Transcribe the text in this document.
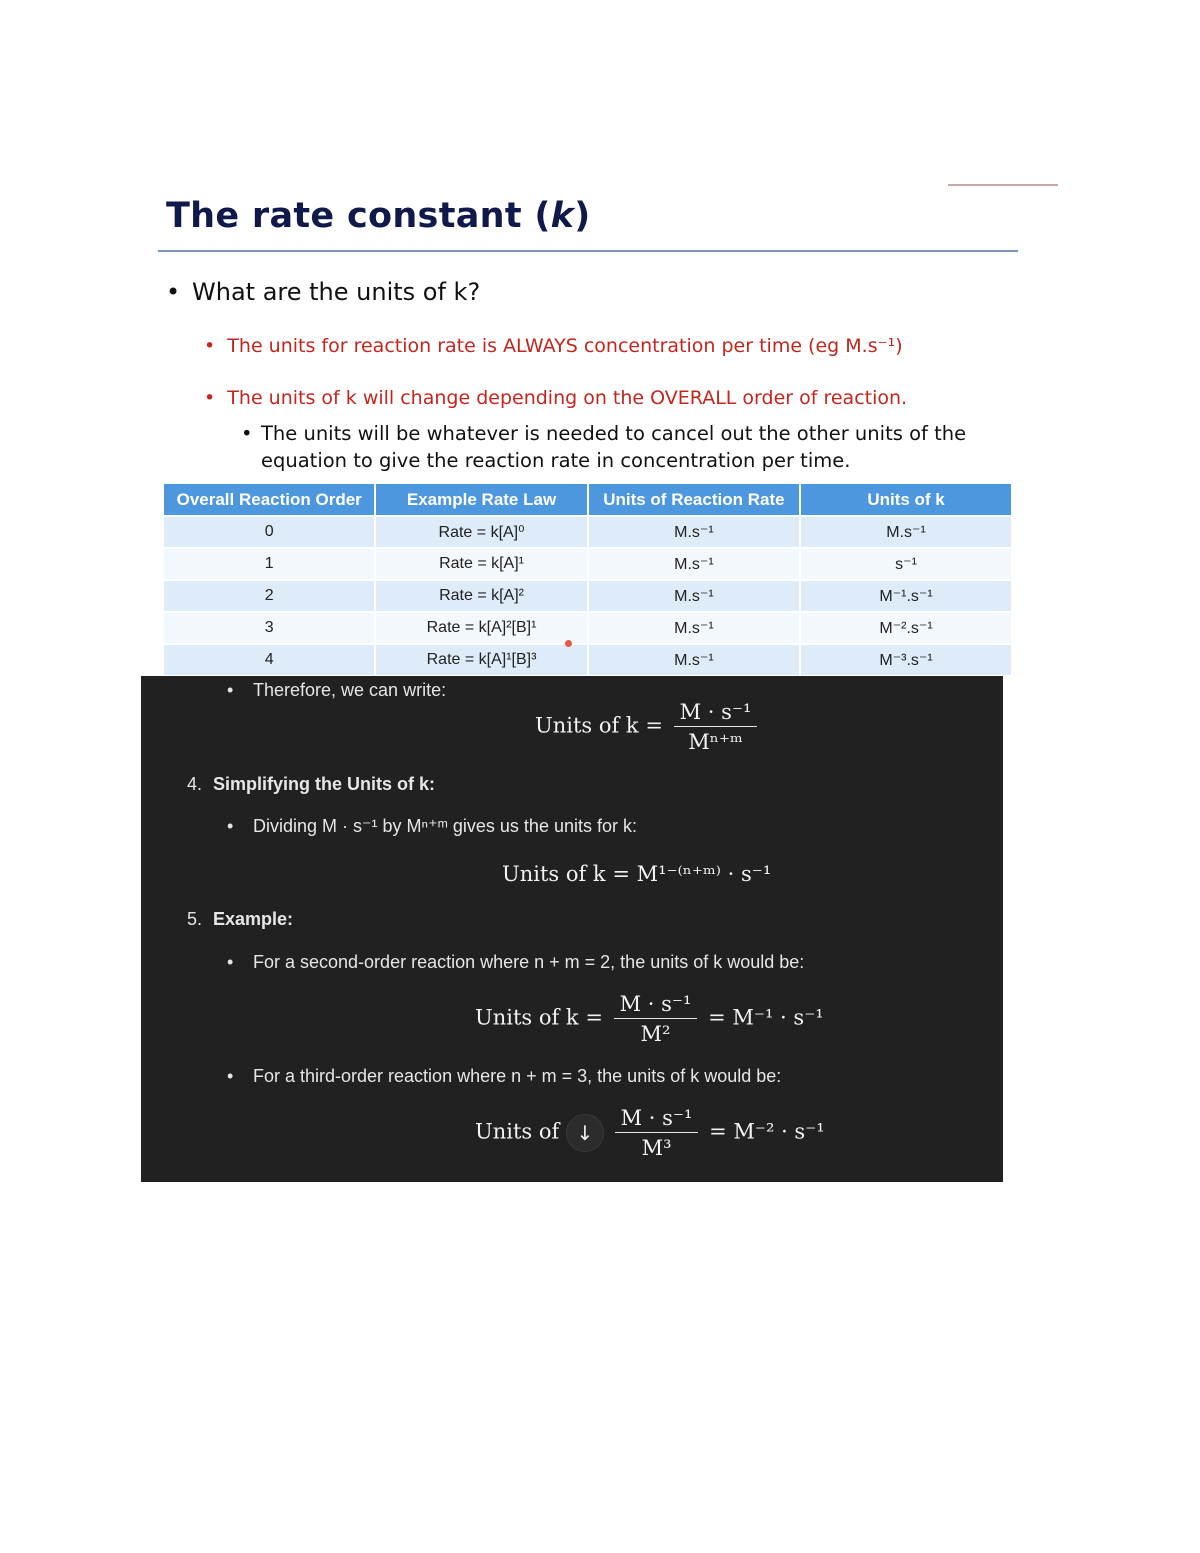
The rate constant (k)
• What are the units of k?
•  The units for reaction rate is ALWAYS concentration per time (eg M.s⁻¹)
•  The units of k will change depending on the OVERALL order of reaction.
• The units will be whatever is needed to cancel out the other units of the
equation to give the reaction rate in concentration per time.
Overall Reaction Order	Example Rate Law	Units of Reaction Rate	Units of k
0	Rate = k[A]⁰	M.s⁻¹	M.s⁻¹
1	Rate = k[A]¹	M.s⁻¹	s⁻¹
2	Rate = k[A]²	M.s⁻¹	M⁻¹.s⁻¹
3	Rate = k[A]²[B]¹	M.s⁻¹	M⁻².s⁻¹
4	Rate = k[A]¹[B]³	M.s⁻¹	M⁻³.s⁻¹
• Therefore, we can write:
Units of $k = \frac{\text{M · s⁻¹}}{\text{Mⁿ⁺ᵐ}}$
4. Simplifying the Units of k:
• Dividing M · s⁻¹ by Mⁿ⁺ᵐ gives us the units for k:
Units of k = M¹⁻⁽ⁿ⁺ᵐ⁾ · s⁻¹
5. Example:
• For a second-order reaction where n + m = 2, the units of k would be:
Units of $k = \frac{\text{M · s⁻¹}}{\text{M²}} = M^{-1} \cdot s^{-1}$
• For a third-order reaction where n + m = 3, the units of k would be:
Units of ↓ $\frac{\text{M · s⁻¹}}{\text{M³}} = M^{-2} \cdot s^{-1}$
